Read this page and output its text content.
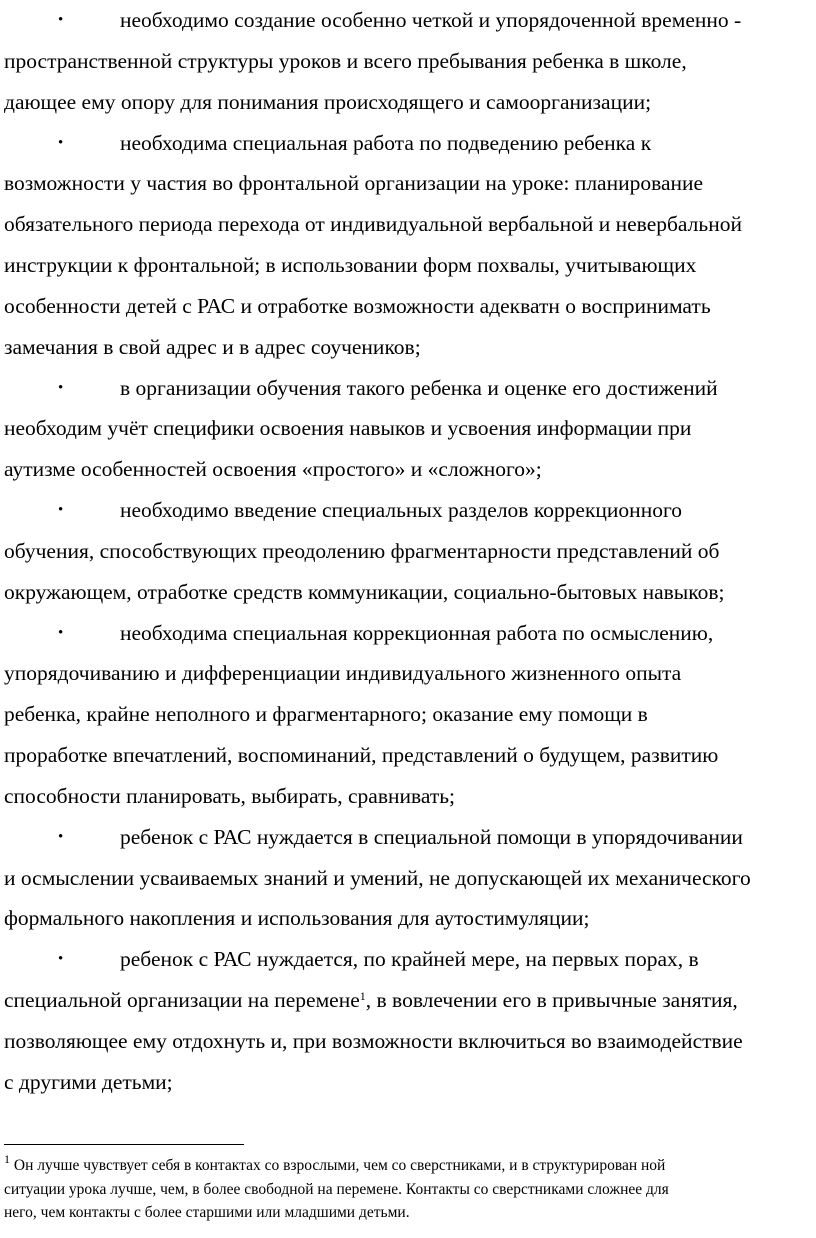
•	необходимо создание особенно четкой и упорядоченной временно -
пространственной структуры уроков и всего пребывания ребенка в школе,
дающее ему опору для понимания происходящего и самоорганизации;
•	необходима специальная работа по подведению ребенка к
возможности у частия во фронтальной организации на уроке: планирование
обязательного периода перехода от индивидуальной вербальной и невербальной
инструкции к фронтальной; в использовании форм похвалы, учитывающих
особенности детей с РАС и отработке возможности адекватн о воспринимать
замечания в свой адрес и в адрес соучеников;
•	в организации обучения такого ребенка и оценке его достижений
необходим учёт специфики освоения навыков и усвоения информации при
аутизме особенностей освоения «простого» и «сложного»;
•	необходимо введение специальных разделов коррекционного
обучения, способствующих преодолению фрагментарности представлений об
окружающем, отработке средств коммуникации, социально-бытовых навыков;
•	необходима специальная коррекционная работа по осмыслению,
упорядочиванию и дифференциации индивидуального жизненного опыта
ребенка, крайне неполного и фрагментарного; оказание ему помощи в
проработке впечатлений, воспоминаний, представлений о будущем, развитию
способности планировать, выбирать, сравнивать;
•	ребенок с РАС нуждается в специальной помощи в упорядочивании
и осмыслении усваиваемых знаний и умений, не допускающей их механического
формального накопления и использования для аутостимуляции;
•	ребенок с РАС нуждается, по крайней мере, на первых порах, в
специальной организации на перемене$^1$, в вовлечении его в привычные занятия,
позволяющее ему отдохнуть и, при возможности включиться во взаимодействие
с другими детьми;
$^1$ Он лучше чувствует себя в контактах со взрослыми, чем со сверстниками, и в структурирован ной
ситуации урока лучше, чем, в более свободной на перемене. Контакты со сверстниками сложнее для
него, чем контакты с более старшими или младшими детьми.
